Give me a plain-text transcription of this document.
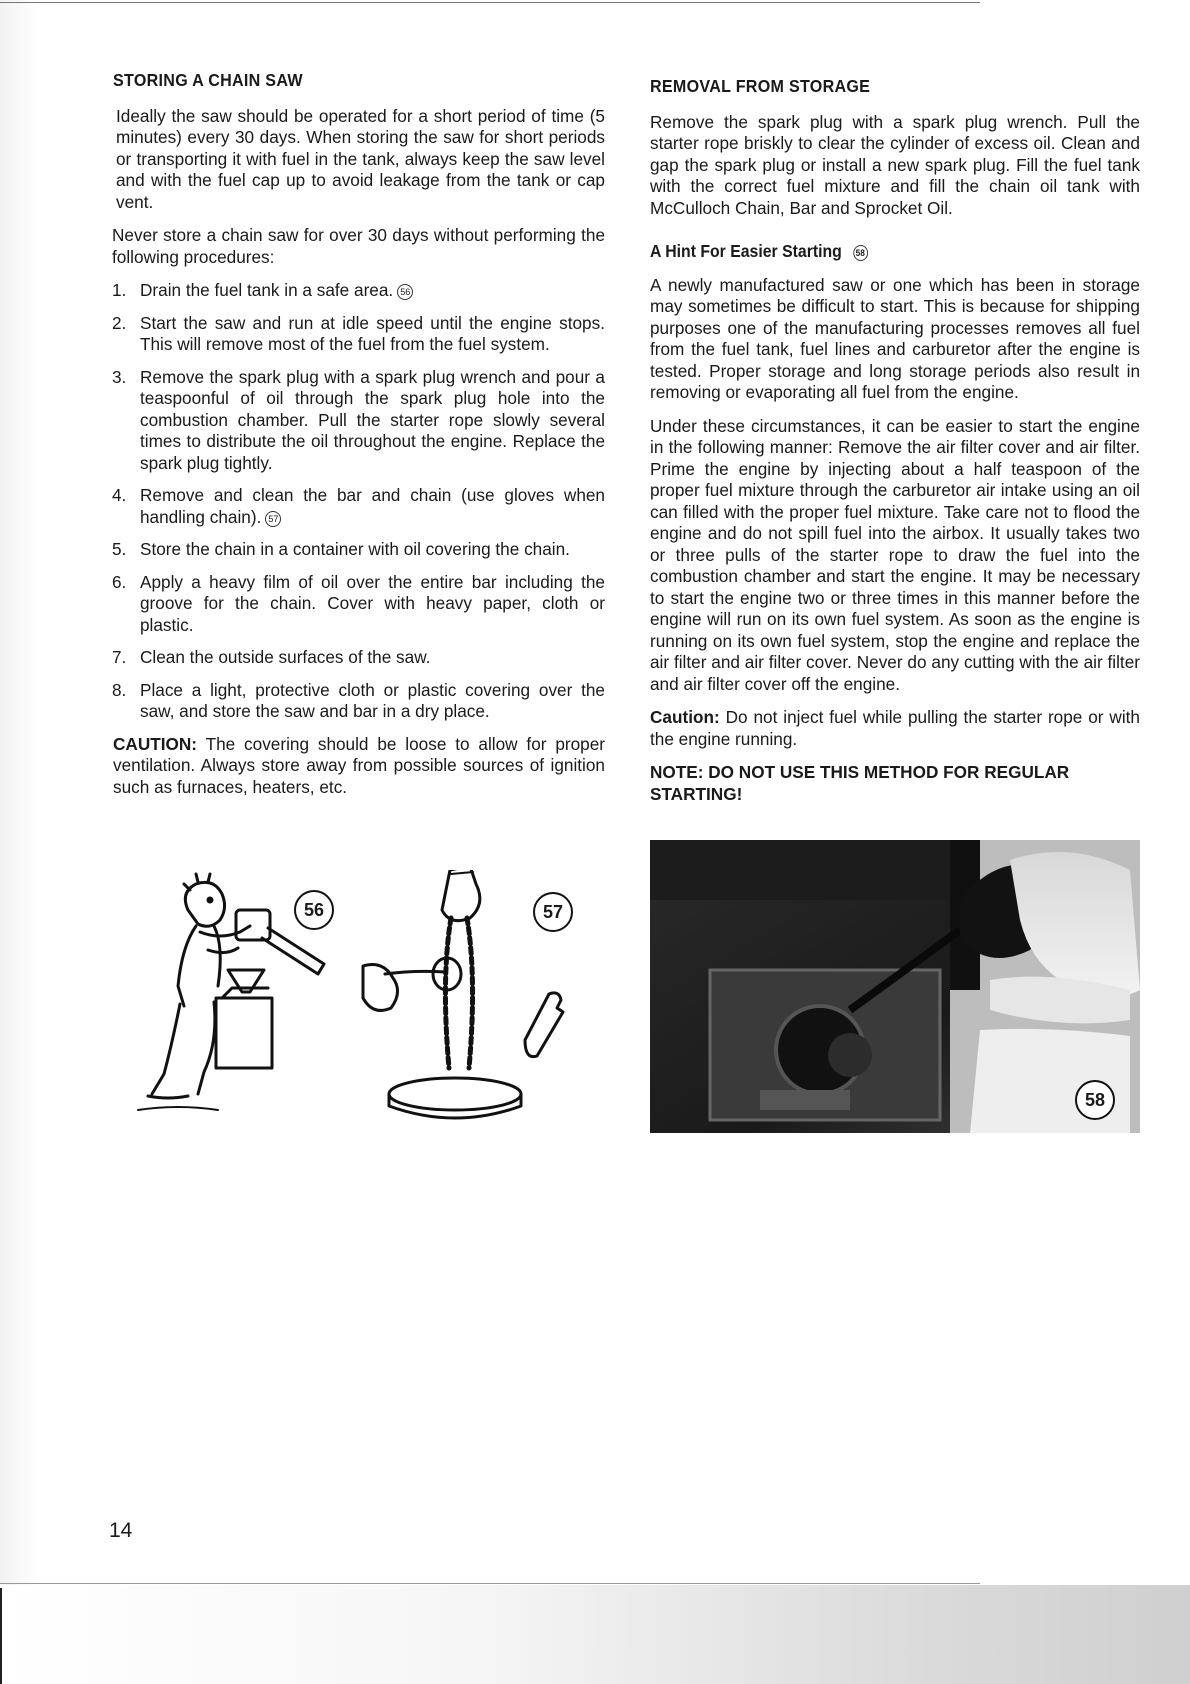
STORING A CHAIN SAW

Ideally the saw should be operated for a short period of time (5 minutes) every 30 days. When storing the saw for short periods or transporting it with fuel in the tank, always keep the saw level and with the fuel cap up to avoid leakage from the tank or cap vent.

Never store a chain saw for over 30 days without performing the following procedures:

1. Drain the fuel tank in a safe area. 56
2. Start the saw and run at idle speed until the engine stops. This will remove most of the fuel from the fuel system.
3. Remove the spark plug with a spark plug wrench and pour a teaspoonful of oil through the spark plug hole into the combustion chamber. Pull the starter rope slowly several times to distribute the oil throughout the engine. Replace the spark plug tightly.
4. Remove and clean the bar and chain (use gloves when handling chain). 57
5. Store the chain in a container with oil covering the chain.
6. Apply a heavy film of oil over the entire bar including the groove for the chain. Cover with heavy paper, cloth or plastic.
7. Clean the outside surfaces of the saw.
8. Place a light, protective cloth or plastic covering over the saw, and store the saw and bar in a dry place.

CAUTION: The covering should be loose to allow for proper ventilation. Always store away from possible sources of ignition such as furnaces, heaters, etc.

REMOVAL FROM STORAGE

Remove the spark plug with a spark plug wrench. Pull the starter rope briskly to clear the cylinder of excess oil. Clean and gap the spark plug or install a new spark plug. Fill the fuel tank with the correct fuel mixture and fill the chain oil tank with McCulloch Chain, Bar and Sprocket Oil.

A Hint For Easier Starting 58

A newly manufactured saw or one which has been in storage may sometimes be difficult to start. This is because for shipping purposes one of the manufacturing processes removes all fuel from the fuel tank, fuel lines and carburetor after the engine is tested. Proper storage and long storage periods also result in removing or evaporating all fuel from the engine.

Under these circumstances, it can be easier to start the engine in the following manner: Remove the air filter cover and air filter. Prime the engine by injecting about a half teaspoon of the proper fuel mixture through the carburetor air intake using an oil can filled with the proper fuel mixture. Take care not to flood the engine and do not spill fuel into the airbox. It usually takes two or three pulls of the starter rope to draw the fuel into the combustion chamber and start the engine. It may be necessary to start the engine two or three times in this manner before the engine will run on its own fuel system. As soon as the engine is running on its own fuel system, stop the engine and replace the air filter and air filter cover. Never do any cutting with the air filter and air filter cover off the engine.

Caution: Do not inject fuel while pulling the starter rope or with the engine running.

NOTE: DO NOT USE THIS METHOD FOR REGULAR STARTING!

56	57
58
14
